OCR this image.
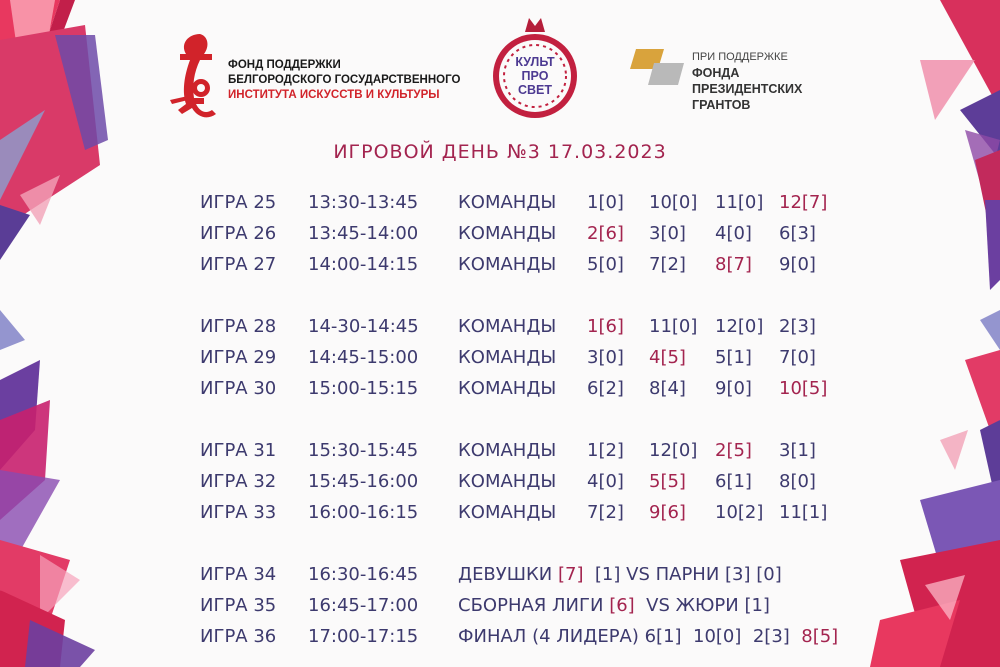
ФОНД ПОДДЕРЖКИ
БЕЛГОРОДСКОГО ГОСУДАРСТВЕННОГО
ИНСТИТУТА ИСКУССТВ И КУЛЬТУРЫ
КУЛЬТ
ПРО
СВЕТ
ПРИ ПОДДЕРЖКЕ
ФОНДА
ПРЕЗИДЕНТСКИХ
ГРАНТОВ
ИГРОВОЙ ДЕНЬ №3 17.03.2023
ИГРА 25 13:30-13:45 КОМАНДЫ 1[0] 10[0] 11[0] 12[7]
ИГРА 26 13:45-14:00 КОМАНДЫ 2[6] 3[0] 4[0] 6[3]
ИГРА 27 14:00-14:15 КОМАНДЫ 5[0] 7[2] 8[7] 9[0]
ИГРА 28 14-30-14:45 КОМАНДЫ 1[6] 11[0] 12[0] 2[3]
ИГРА 29 14:45-15:00 КОМАНДЫ 3[0] 4[5] 5[1] 7[0]
ИГРА 30 15:00-15:15 КОМАНДЫ 6[2] 8[4] 9[0] 10[5]
ИГРА 31 15:30-15:45 КОМАНДЫ 1[2] 12[0] 2[5] 3[1]
ИГРА 32 15:45-16:00 КОМАНДЫ 4[0] 5[5] 6[1] 8[0]
ИГРА 33 16:00-16:15 КОМАНДЫ 7[2] 9[6] 10[2] 11[1]
ИГРА 34 16:30-16:45 ДЕВУШКИ [7]  [1] VS ПАРНИ [3] [0]
ИГРА 35 16:45-17:00 СБОРНАЯ ЛИГИ [6]  VS ЖЮРИ [1]
ИГРА 36 17:00-17:15 ФИНАЛ (4 ЛИДЕРА) 6[1]  10[0]  2[3]  8[5]
